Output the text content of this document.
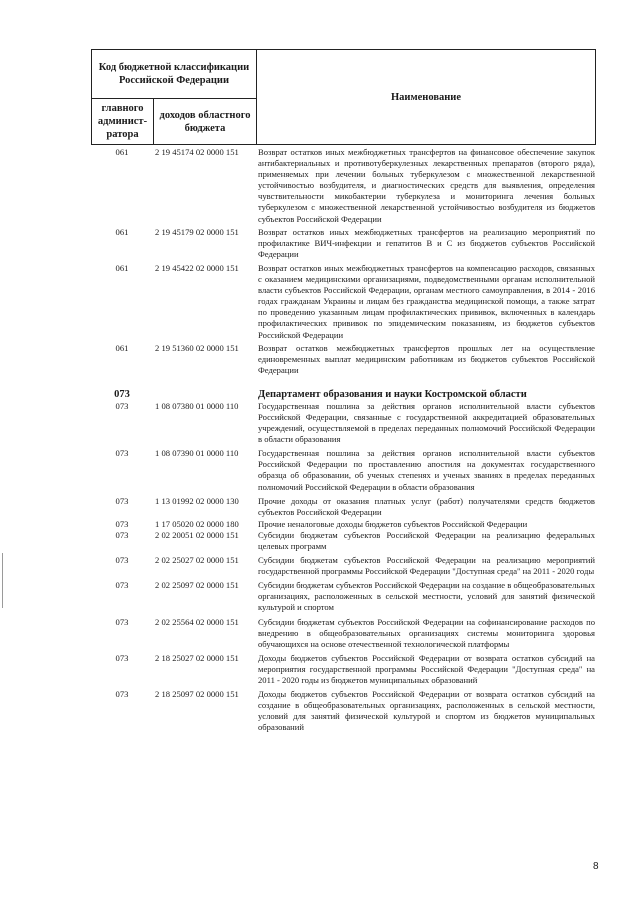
Код бюджетной классификации Российской Федерации		Наименование
главного админист-ратора	доходов областного бюджета	
061	2 19 45174 02 0000 151	Возврат остатков иных межбюджетных трансфертов на финансовое обеспечение закупок антибактериальных и противотуберкулезных лекарственных препаратов (второго ряда), применяемых при лечении больных туберкулезом с множественной лекарственной устойчивостью возбудителя, и диагностических средств для выявления, определения чувствительности микобактерии туберкулеза и мониторинга лечения больных туберкулезом с множественной лекарственной устойчивостью возбудителя из бюджетов субъектов Российской Федерации
061	2 19 45179 02 0000 151	Возврат остатков иных межбюджетных трансфертов на реализацию мероприятий по профилактике ВИЧ-инфекции и гепатитов В и С из бюджетов субъектов Российской Федерации
061	2 19 45422 02 0000 151	Возврат остатков иных межбюджетных трансфертов на компенсацию расходов, связанных с оказанием медицинскими организациями, подведомственными органам исполнительной власти субъектов Российской Федерации, органам местного самоуправления, в 2014 - 2016 годах гражданам Украины и лицам без гражданства медицинской помощи, а также затрат по проведению указанным лицам профилактических прививок, включенных в календарь профилактических прививок по эпидемическим показаниям, из бюджетов субъектов Российской Федерации
061	2 19 51360 02 0000 151	Возврат остатков межбюджетных трансфертов прошлых лет на осуществление единовременных выплат медицинским работникам из бюджетов субъектов Российской Федерации
073	Департамент образования и науки Костромской области
073	1 08 07380 01 0000 110	Государственная пошлина за действия органов исполнительной власти субъектов Российской Федерации, связанные с государственной аккредитацией образовательных учреждений, осуществляемой в пределах переданных полномочий Российской Федерации в области образования
073	1 08 07390 01 0000 110	Государственная пошлина за действия органов исполнительной власти субъектов Российской Федерации по проставлению апостиля на документах государственного образца об образовании, об ученых степенях и ученых званиях в пределах переданных полномочий Российской Федерации в области образования
073	1 13 01992 02 0000 130	Прочие доходы от оказания платных услуг (работ) получателями средств бюджетов субъектов Российской Федерации
073	1 17 05020 02 0000 180	Прочие неналоговые доходы бюджетов субъектов Российской Федерации
073	2 02 20051 02 0000 151	Субсидии бюджетам субъектов Российской Федерации на реализацию федеральных целевых программ
073	2 02 25027 02 0000 151	Субсидии бюджетам субъектов Российской Федерации на реализацию мероприятий государственной программы Российской Федерации "Доступная среда" на 2011 - 2020 годы
073	2 02 25097 02 0000 151	Субсидии бюджетам субъектов Российской Федерации на создание в общеобразовательных организациях, расположенных в сельской местности, условий для занятий физической культурой и спортом
073	2 02 25564 02 0000 151	Субсидии бюджетам субъектов Российской Федерации на софинансирование расходов по внедрению в общеобразовательных организациях системы мониторинга здоровья обучающихся на основе отечественной технологической платформы
073	2 18 25027 02 0000 151	Доходы бюджетов субъектов Российской Федерации от возврата остатков субсидий на мероприятия государственной программы Российской Федерации "Доступная среда" на 2011 - 2020 годы из бюджетов муниципальных образований
073	2 18 25097 02 0000 151	Доходы бюджетов субъектов Российской Федерации от возврата остатков субсидий на создание в общеобразовательных организациях, расположенных в сельской местности, условий для занятий физической культурой и спортом из бюджетов муниципальных образований
8
